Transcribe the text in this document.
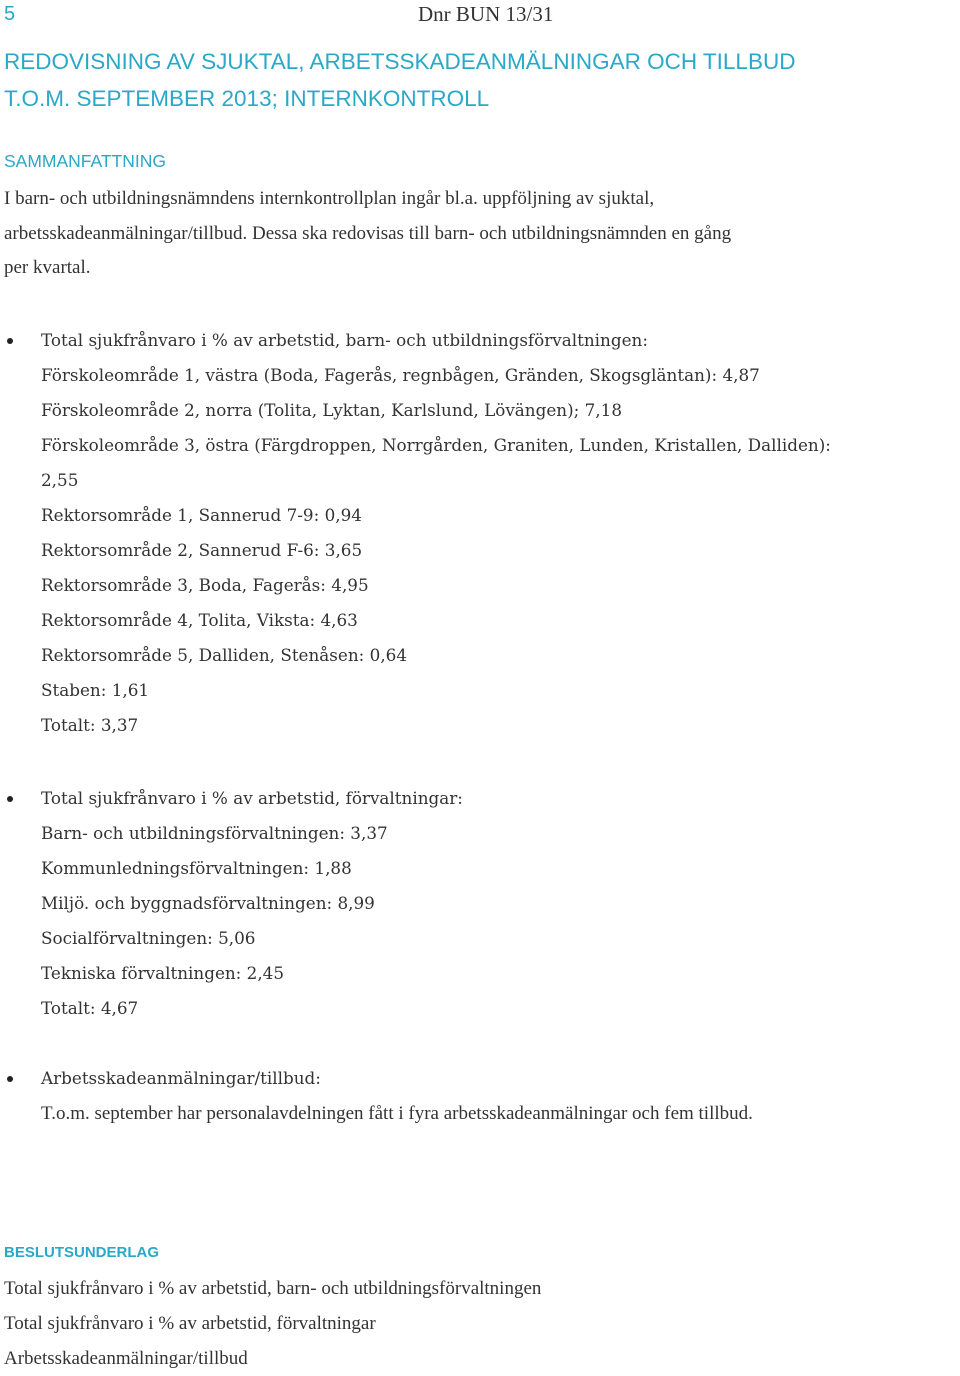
5	Dnr BUN 13/31
REDOVISNING AV SJUKTAL, ARBETSSKADEANMÄLNINGAR OCH TILLBUD
T.O.M. SEPTEMBER 2013; INTERNKONTROLL
SAMMANFATTNING
I barn- och utbildningsnämndens internkontrollplan ingår bl.a. uppföljning av sjuktal,
arbetsskadeanmälningar/tillbud. Dessa ska redovisas till barn- och utbildningsnämnden en gång
per kvartal.
Total sjukfrånvaro i % av arbetstid, barn- och utbildningsförvaltningen:
Förskoleområde 1, västra (Boda, Fagerås, regnbågen, Gränden, Skogsgläntan): 4,87
Förskoleområde 2, norra (Tolita, Lyktan, Karlslund, Lövängen); 7,18
Förskoleområde 3, östra (Färgdroppen, Norrgården, Graniten, Lunden, Kristallen, Dalliden):
2,55
Rektorsområde 1, Sannerud 7-9: 0,94
Rektorsområde 2, Sannerud F-6: 3,65
Rektorsområde 3, Boda, Fagerås: 4,95
Rektorsområde 4, Tolita, Viksta: 4,63
Rektorsområde 5, Dalliden, Stenåsen: 0,64
Staben: 1,61
Totalt: 3,37
Total sjukfrånvaro i % av arbetstid, förvaltningar:
Barn- och utbildningsförvaltningen: 3,37
Kommunledningsförvaltningen: 1,88
Miljö. och byggnadsförvaltningen: 8,99
Socialförvaltningen: 5,06
Tekniska förvaltningen: 2,45
Totalt: 4,67
Arbetsskadeanmälningar/tillbud:
T.o.m. september har personalavdelningen fått i fyra arbetsskadeanmälningar och fem tillbud.
BESLUTSUNDERLAG
Total sjukfrånvaro i % av arbetstid, barn- och utbildningsförvaltningen
Total sjukfrånvaro i % av arbetstid, förvaltningar
Arbetsskadeanmälningar/tillbud
